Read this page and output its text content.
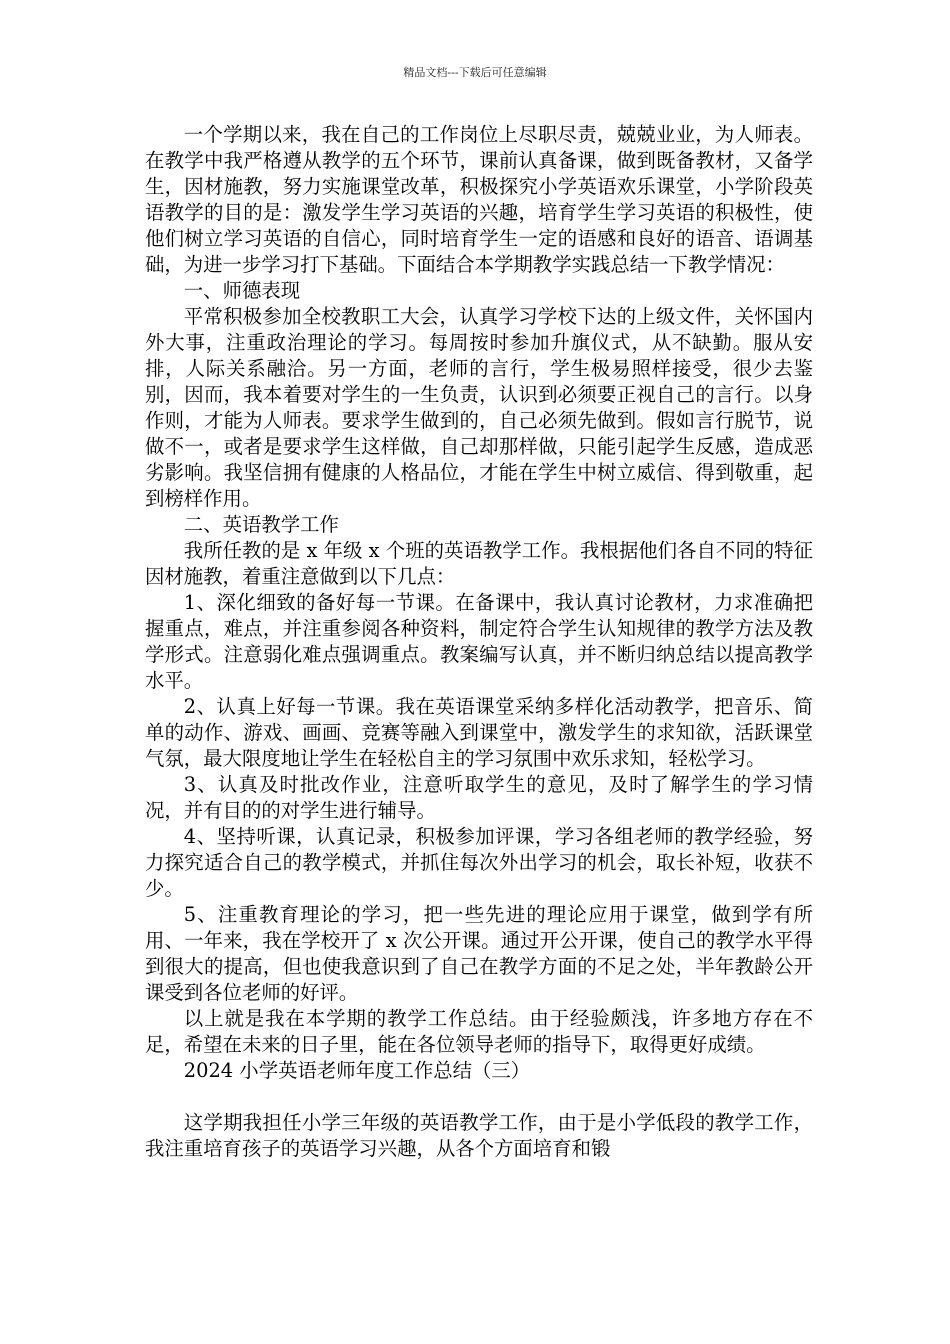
精品文档---下载后可任意编辑

一个学期以来，我在自己的工作岗位上尽职尽责，兢兢业业，为人师表。在教学中我严格遵从教学的五个环节，课前认真备课，做到既备教材，又备学生，因材施教，努力实施课堂改革，积极探究小学英语欢乐课堂，小学阶段英语教学的目的是：激发学生学习英语的兴趣，培育学生学习英语的积极性，使他们树立学习英语的自信心，同时培育学生一定的语感和良好的语音、语调基础，为进一步学习打下基础。下面结合本学期教学实践总结一下教学情况：

一、师德表现

平常积极参加全校教职工大会，认真学习学校下达的上级文件，关怀国内外大事，注重政治理论的学习。每周按时参加升旗仪式，从不缺勤。服从安排，人际关系融洽。另一方面，老师的言行，学生极易照样接受，很少去鉴别，因而，我本着要对学生的一生负责，认识到必须要正视自己的言行。以身作则，才能为人师表。要求学生做到的，自己必须先做到。假如言行脱节，说做不一，或者是要求学生这样做，自己却那样做，只能引起学生反感，造成恶劣影响。我坚信拥有健康的人格品位，才能在学生中树立威信、得到敬重，起到榜样作用。

二、英语教学工作

我所任教的是 x 年级 x 个班的英语教学工作。我根据他们各自不同的特征因材施教，着重注意做到以下几点：

1、深化细致的备好每一节课。在备课中，我认真讨论教材，力求准确把握重点，难点，并注重参阅各种资料，制定符合学生认知规律的教学方法及教学形式。注意弱化难点强调重点。教案编写认真，并不断归纳总结以提高教学水平。

2、认真上好每一节课。我在英语课堂采纳多样化活动教学，把音乐、简单的动作、游戏、画画、竞赛等融入到课堂中，激发学生的求知欲，活跃课堂气氛，最大限度地让学生在轻松自主的学习氛围中欢乐求知，轻松学习。

3、认真及时批改作业，注意听取学生的意见，及时了解学生的学习情况，并有目的的对学生进行辅导。

4、坚持听课，认真记录，积极参加评课，学习各组老师的教学经验，努力探究适合自己的教学模式，并抓住每次外出学习的机会，取长补短，收获不少。

5、注重教育理论的学习，把一些先进的理论应用于课堂，做到学有所用、一年来，我在学校开了 x 次公开课。通过开公开课，使自己的教学水平得到很大的提高，但也使我意识到了自己在教学方面的不足之处，半年教龄公开课受到各位老师的好评。

以上就是我在本学期的教学工作总结。由于经验颇浅，许多地方存在不足，希望在未来的日子里，能在各位领导老师的指导下，取得更好成绩。

2024 小学英语老师年度工作总结（三）

这学期我担任小学三年级的英语教学工作，由于是小学低段的教学工作，我注重培育孩子的英语学习兴趣，从各个方面培育和锻
